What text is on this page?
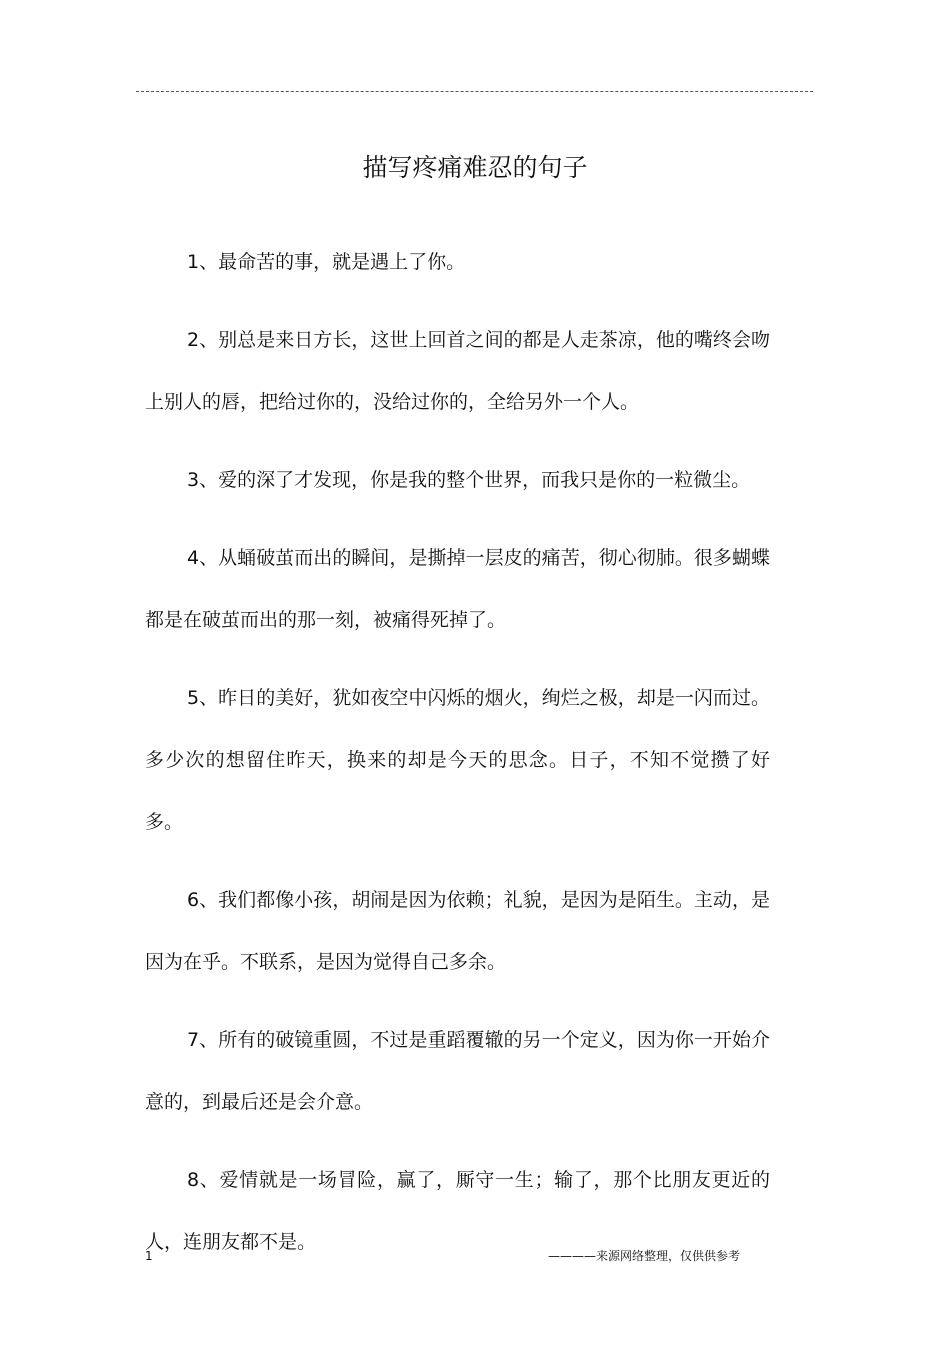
描写疼痛难忍的句子

1、最命苦的事，就是遇上了你。

2、别总是来日方长，这世上回首之间的都是人走茶凉，他的嘴终会吻上别人的唇，把给过你的，没给过你的，全给另外一个人。

3、爱的深了才发现，你是我的整个世界，而我只是你的一粒微尘。

4、从蛹破茧而出的瞬间，是撕掉一层皮的痛苦，彻心彻肺。很多蝴蝶都是在破茧而出的那一刻，被痛得死掉了。

5、昨日的美好，犹如夜空中闪烁的烟火，绚烂之极，却是一闪而过。多少次的想留住昨天，换来的却是今天的思念。日子，不知不觉攒了好多。

6、我们都像小孩，胡闹是因为依赖；礼貌，是因为是陌生。主动，是因为在乎。不联系，是因为觉得自己多余。

7、所有的破镜重圆，不过是重蹈覆辙的另一个定义，因为你一开始介意的，到最后还是会介意。

8、爱情就是一场冒险，赢了，厮守一生；输了，那个比朋友更近的人，连朋友都不是。

1	————来源网络整理，仅供供参考
